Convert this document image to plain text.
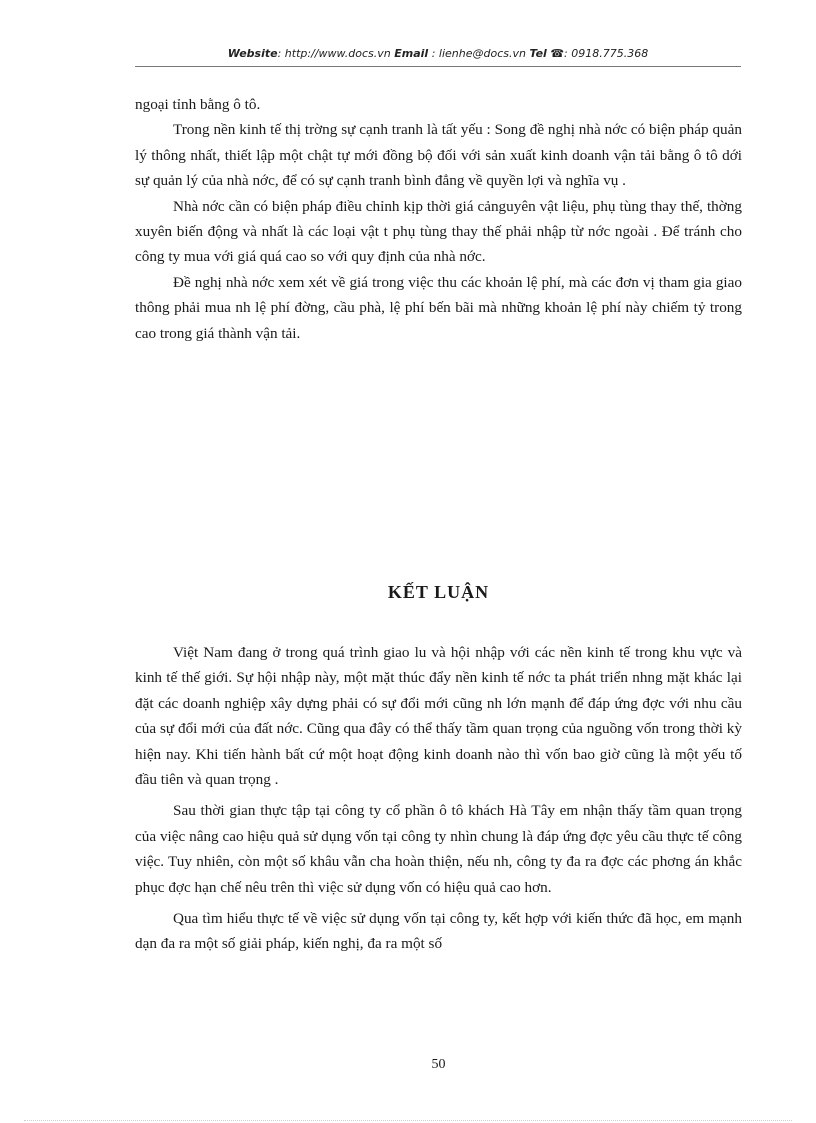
Website: http://www.docs.vn Email : lienhe@docs.vn Tel ☎: 0918.775.368

ngoại tỉnh bằng ô tô.

Trong nền kinh tế thị trờng sự cạnh tranh là tất yếu : Song đề nghị nhà nớc có biện pháp quản lý thông nhất, thiết lập một chật tự mới đồng bộ đối với sản xuất kinh doanh vận tải bằng ô tô dới sự quản lý của nhà nớc, để có sự cạnh tranh bình đẳng về quyền lợi và nghĩa vụ .

Nhà nớc cần có biện pháp điều chỉnh kịp thời giá cảnguyên vật liệu, phụ tùng thay thế, thờng xuyên biến động và nhất là các loại vật t phụ tùng thay thế phải nhập từ nớc ngoài . Để tránh cho công ty mua với giá quá cao so với quy định của nhà nớc.

Đề nghị nhà nớc xem xét về giá trong việc thu các khoản lệ phí, mà các đơn vị tham gia giao thông phải mua nh lệ phí đờng, cầu phà, lệ phí bến bãi mà những khoản lệ phí này chiếm tỷ trong cao trong giá thành vận tải.

KẾT LUẬN

Việt Nam đang ở trong quá trình giao lu và hội nhập với các nền kinh tế trong khu vực và kinh tế thế giới. Sự hội nhập này, một mặt thúc đẩy nền kinh tế nớc ta phát triển nhng mặt khác lại đặt các doanh nghiệp xây dựng phải có sự đổi mới cũng nh lớn mạnh để đáp ứng đợc với nhu cầu của sự đổi mới của đất nớc. Cũng qua đây có thể thấy tầm quan trọng của nguồng vốn trong thời kỳ hiện nay. Khi tiến hành bất cứ một hoạt động kinh doanh nào thì vốn bao giờ cũng là một yếu tố đầu tiên và quan trọng .

Sau thời gian thực tập tại công ty cổ phần ô tô khách Hà Tây em nhận thấy tầm quan trọng của việc nâng cao hiệu quả sử dụng vốn tại công ty nhìn chung là đáp ứng đợc yêu cầu thực tế công việc. Tuy nhiên, còn một số khâu vẫn cha hoàn thiện, nếu nh, công ty đa ra đợc các phơng án khắc phục đợc hạn chế nêu trên thì việc sử dụng vốn có hiệu quả cao hơn.

Qua tìm hiểu thực tế về việc sử dụng vốn tại công ty, kết hợp với kiến thức đã học, em mạnh dạn đa ra một số giải pháp, kiến nghị, đa ra một số

50
